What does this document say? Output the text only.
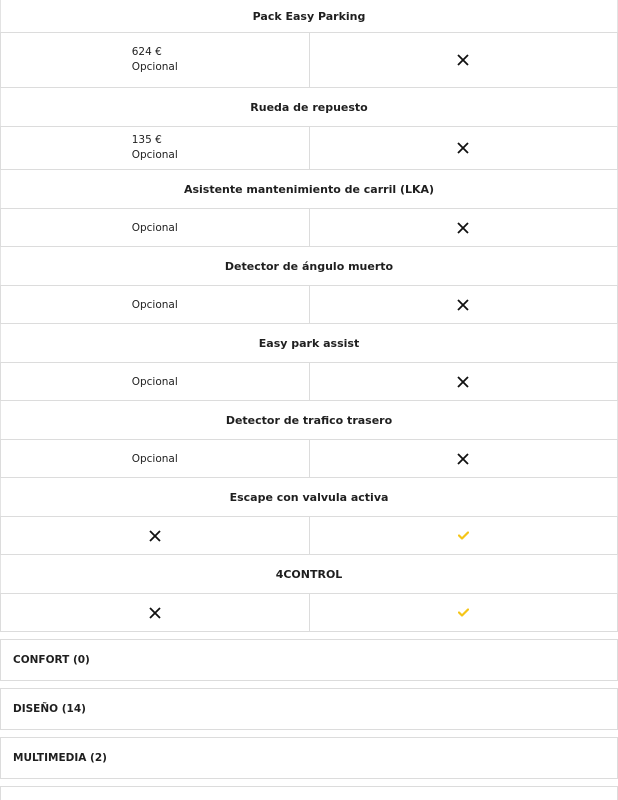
Pack Easy Parking
624 €
Opcional
Rueda de repuesto
135 €
Opcional
Asistente mantenimiento de carril (LKA)
Opcional
Detector de ángulo muerto
Opcional
Easy park assist
Opcional
Detector de trafico trasero
Opcional
Escape con valvula activa
4CONTROL
CONFORT (0)
DISEÑO (14)
MULTIMEDIA (2)
